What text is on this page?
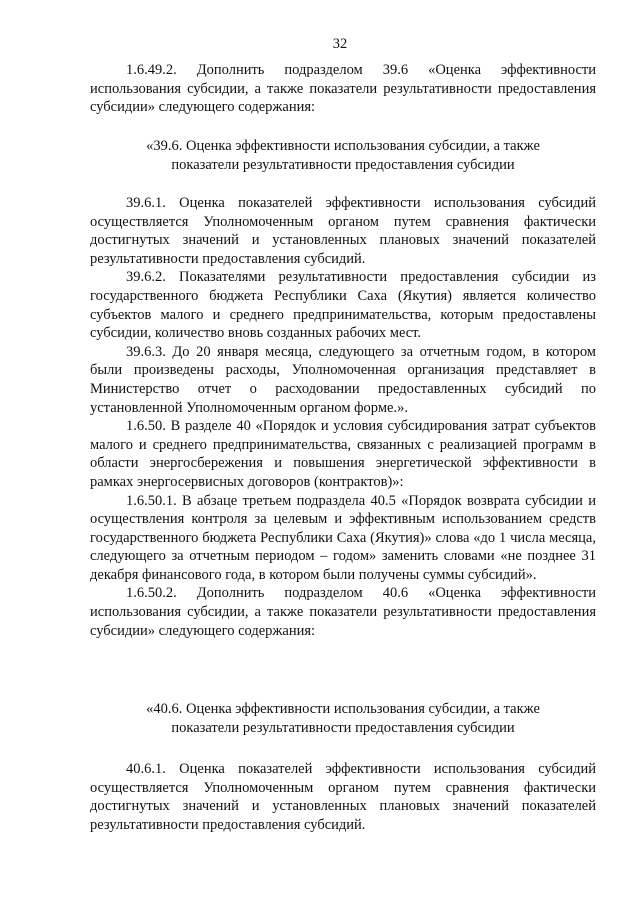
32

1.6.49.2. Дополнить подразделом 39.6 «Оценка эффективности использования субсидии, а также показатели результативности предоставления субсидии» следующего содержания:

«39.6. Оценка эффективности использования субсидии, а также

показатели результативности предоставления субсидии

39.6.1. Оценка показателей эффективности использования субсидий осуществляется Уполномоченным органом путем сравнения фактически достигнутых значений и установленных плановых значений показателей результативности предоставления субсидий.

39.6.2. Показателями результативности предоставления субсидии из государственного бюджета Республики Саха (Якутия) является количество субъектов малого и среднего предпринимательства, которым предоставлены субсидии, количество вновь созданных рабочих мест.

39.6.3. До 20 января месяца, следующего за отчетным годом, в котором были произведены расходы, Уполномоченная организация представляет в Министерство отчет о расходовании предоставленных субсидий по установленной Уполномоченным органом форме.».

1.6.50. В разделе 40 «Порядок и условия субсидирования затрат субъектов малого и среднего предпринимательства, связанных с реализацией программ в области энергосбережения и повышения энергетической эффективности в рамках энергосервисных договоров (контрактов)»:

1.6.50.1. В абзаце третьем подраздела 40.5 «Порядок возврата субсидии и осуществления контроля за целевым и эффективным использованием средств государственного бюджета Республики Саха (Якутия)» слова «до 1 числа месяца, следующего за отчетным периодом – годом» заменить словами «не позднее 31 декабря финансового года, в котором были получены суммы субсидий».

1.6.50.2. Дополнить подразделом 40.6 «Оценка эффективности использования субсидии, а также показатели результативности предоставления субсидии» следующего содержания:

«40.6. Оценка эффективности использования субсидии, а также

показатели результативности предоставления субсидии

40.6.1. Оценка показателей эффективности использования субсидий осуществляется Уполномоченным органом путем сравнения фактически достигнутых значений и установленных плановых значений показателей результативности предоставления субсидий.
